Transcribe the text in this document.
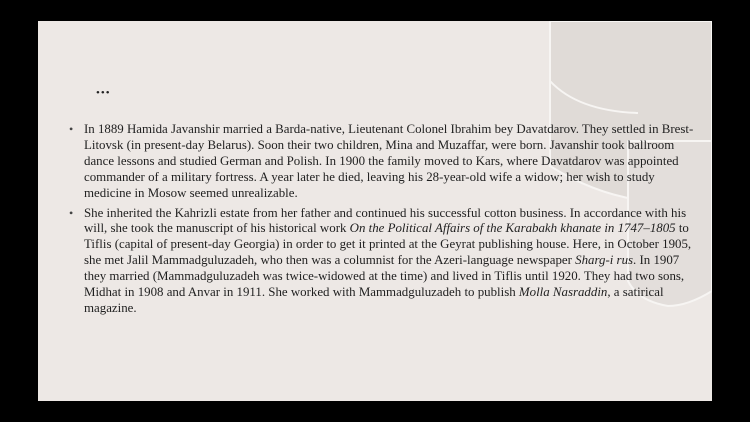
•••
• In 1889 Hamida Javanshir married a Barda-native, Lieutenant Colonel Ibrahim bey Davatdarov. They settled in Brest-Litovsk (in present-day Belarus). Soon their two children, Mina and Muzaffar, were born. Javanshir took ballroom dance lessons and studied German and Polish. In 1900 the family moved to Kars, where Davatdarov was appointed commander of a military fortress. A year later he died, leaving his 28-year-old wife a widow; her wish to study medicine in Mosow seemed unrealizable.
• She inherited the Kahrizli estate from her father and continued his successful cotton business. In accordance with his will, she took the manuscript of his historical work On the Political Affairs of the Karabakh khanate in 1747–1805 to Tiflis (capital of present-day Georgia) in order to get it printed at the Geyrat publishing house. Here, in October 1905, she met Jalil Mammadguluzadeh, who then was a columnist for the Azeri-language newspaper Sharg-i rus. In 1907 they married (Mammadguluzadeh was twice-widowed at the time) and lived in Tiflis until 1920. They had two sons, Midhat in 1908 and Anvar in 1911. She worked with Mammadguluzadeh to publish Molla Nasraddin, a satirical magazine.
